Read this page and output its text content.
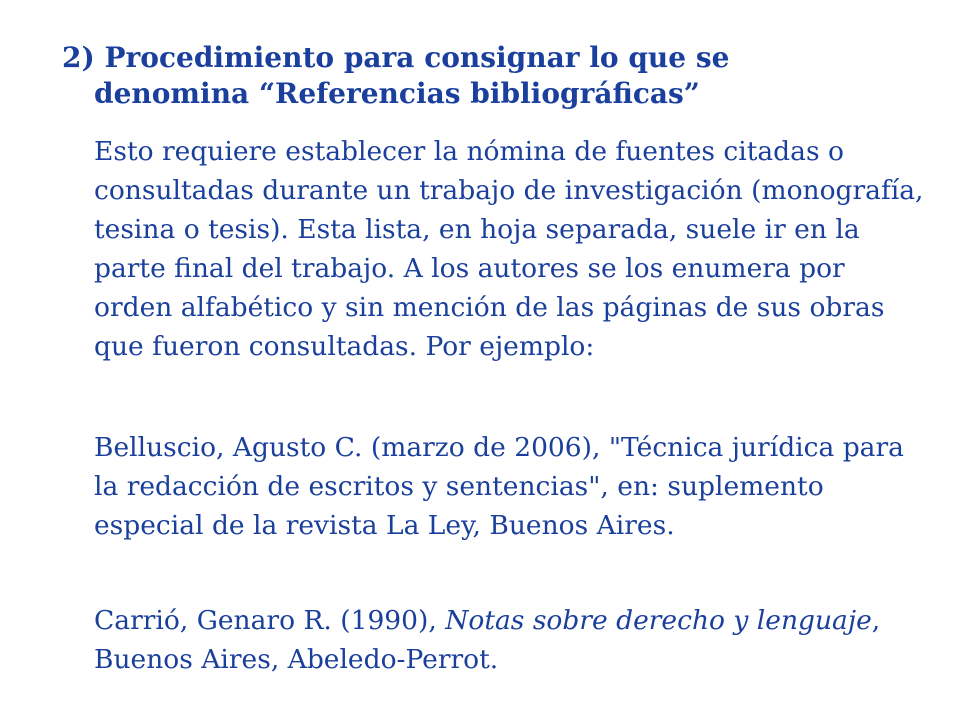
2) Procedimiento para consignar lo que se
denomina “Referencias bibliográficas”

Esto requiere establecer la nómina de fuentes citadas o consultadas durante un trabajo de investigación (monografía, tesina o tesis). Esta lista, en hoja separada, suele ir en la parte final del trabajo. A los autores se los enumera por orden alfabético y sin mención de las páginas de sus obras que fueron consultadas. Por ejemplo:

Belluscio, Agusto C. (marzo de 2006), "Técnica jurídica para la redacción de escritos y sentencias", en: suplemento especial de la revista La Ley, Buenos Aires.

Carrió, Genaro R. (1990), Notas sobre derecho y lenguaje, Buenos Aires, Abeledo-Perrot.
